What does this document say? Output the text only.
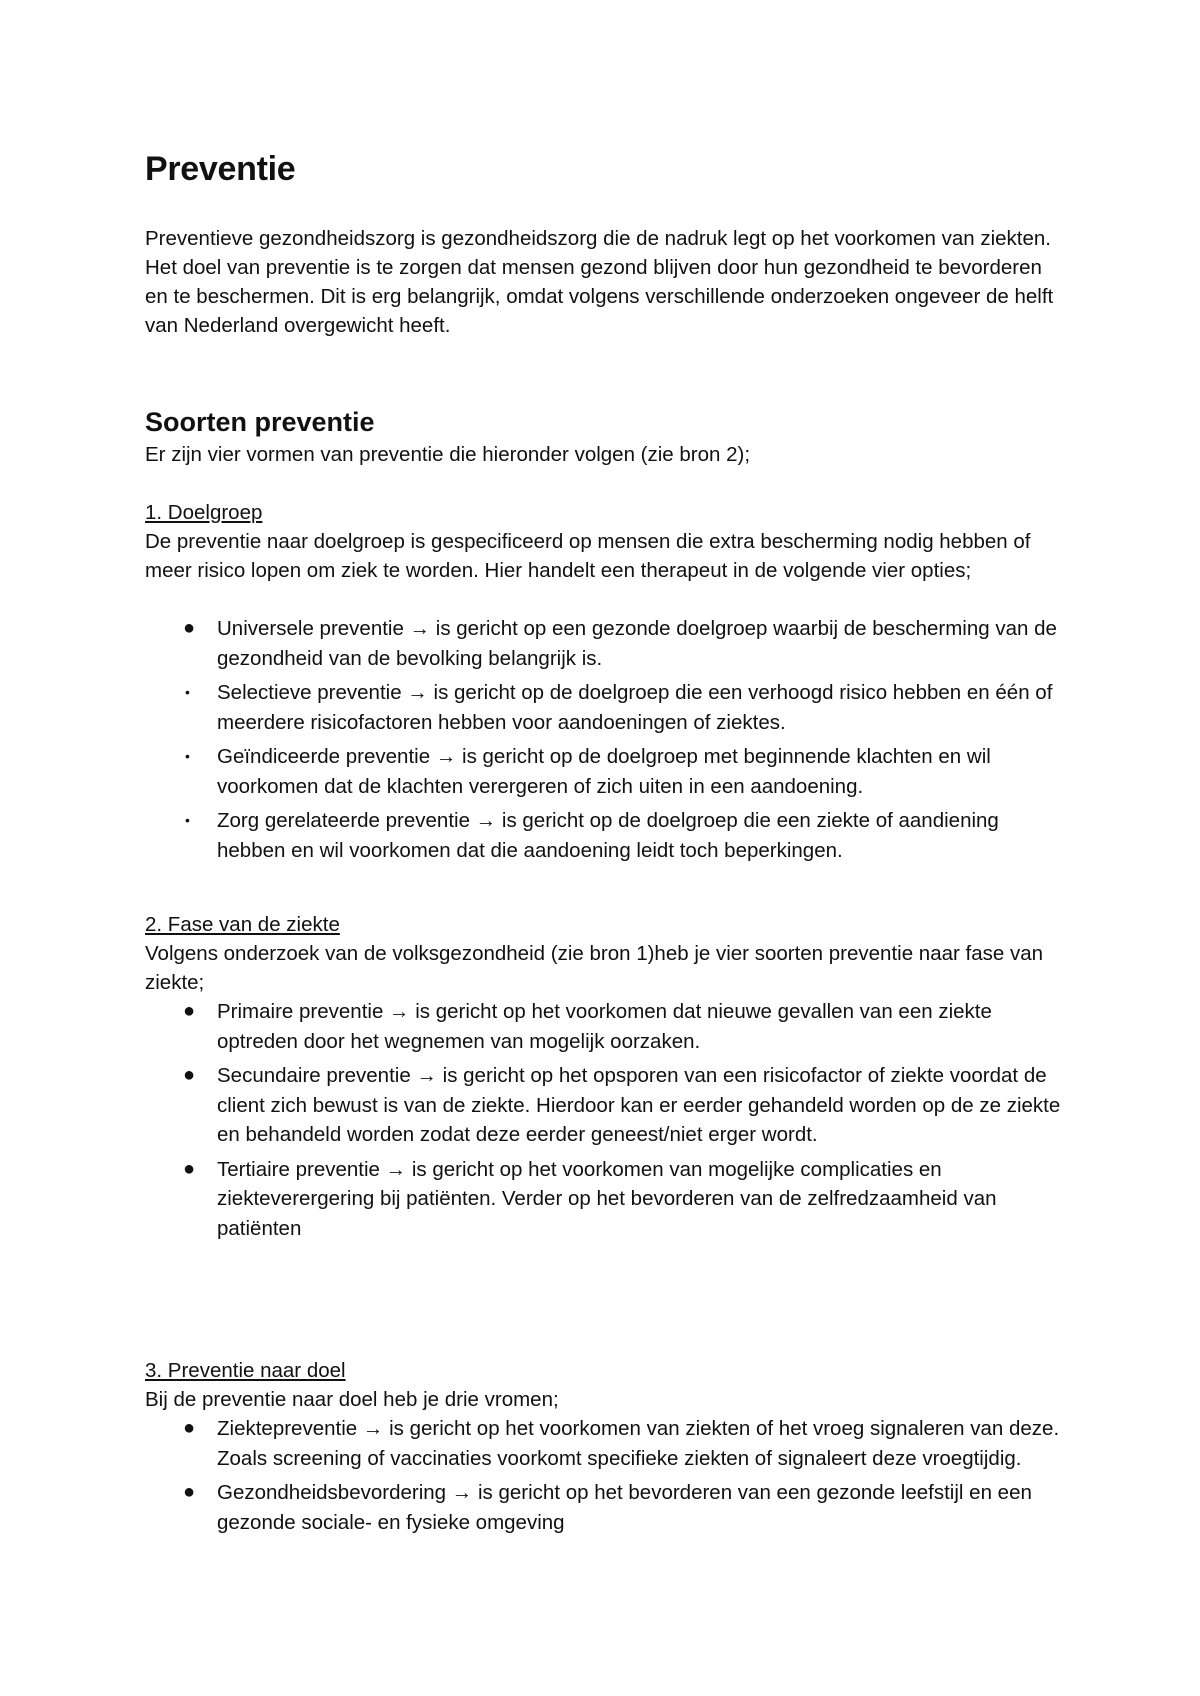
Preventie

Preventieve gezondheidszorg is gezondheidszorg die de nadruk legt op het voorkomen van ziekten. Het doel van preventie is te zorgen dat mensen gezond blijven door hun gezondheid te bevorderen en te beschermen. Dit is erg belangrijk, omdat volgens verschillende onderzoeken ongeveer de helft van Nederland overgewicht heeft.

Soorten preventie

Er zijn vier vormen van preventie die hieronder volgen (zie bron 2);

1. Doelgroep

De preventie naar doelgroep is gespecificeerd op mensen die extra bescherming nodig hebben of meer risico lopen om ziek te worden. Hier handelt een therapeut in de volgende vier opties;

● Universele preventie → is gericht op een gezonde doelgroep waarbij de bescherming van de gezondheid van de bevolking belangrijk is.
• Selectieve preventie → is gericht op de doelgroep die een verhoogd risico hebben en één of meerdere risicofactoren hebben voor aandoeningen of ziektes.
• Geïndiceerde preventie → is gericht op de doelgroep met beginnende klachten en wil voorkomen dat de klachten verergeren of zich uiten in een aandoening.
• Zorg gerelateerde preventie → is gericht op de doelgroep die een ziekte of aandiening hebben en wil voorkomen dat die aandoening leidt toch beperkingen.

2. Fase van de ziekte

Volgens onderzoek van de volksgezondheid (zie bron 1)heb je vier soorten preventie naar fase van ziekte;

● Primaire preventie → is gericht op het voorkomen dat nieuwe gevallen van een ziekte optreden door het wegnemen van mogelijk oorzaken.
● Secundaire preventie → is gericht op het opsporen van een risicofactor of ziekte voordat de client zich bewust is van de ziekte. Hierdoor kan er eerder gehandeld worden op de ze ziekte en behandeld worden zodat deze eerder geneest/niet erger wordt.
● Tertiaire preventie → is gericht op het voorkomen van mogelijke complicaties en ziekteverergering bij patiënten. Verder op het bevorderen van de zelfredzaamheid van patiënten

3. Preventie naar doel

Bij de preventie naar doel heb je drie vromen;

● Ziektepreventie → is gericht op het voorkomen van ziekten of het vroeg signaleren van deze. Zoals screening of vaccinaties voorkomt specifieke ziekten of signaleert deze vroegtijdig.
● Gezondheidsbevordering → is gericht op het bevorderen van een gezonde leefstijl en een gezonde sociale- en fysieke omgeving
